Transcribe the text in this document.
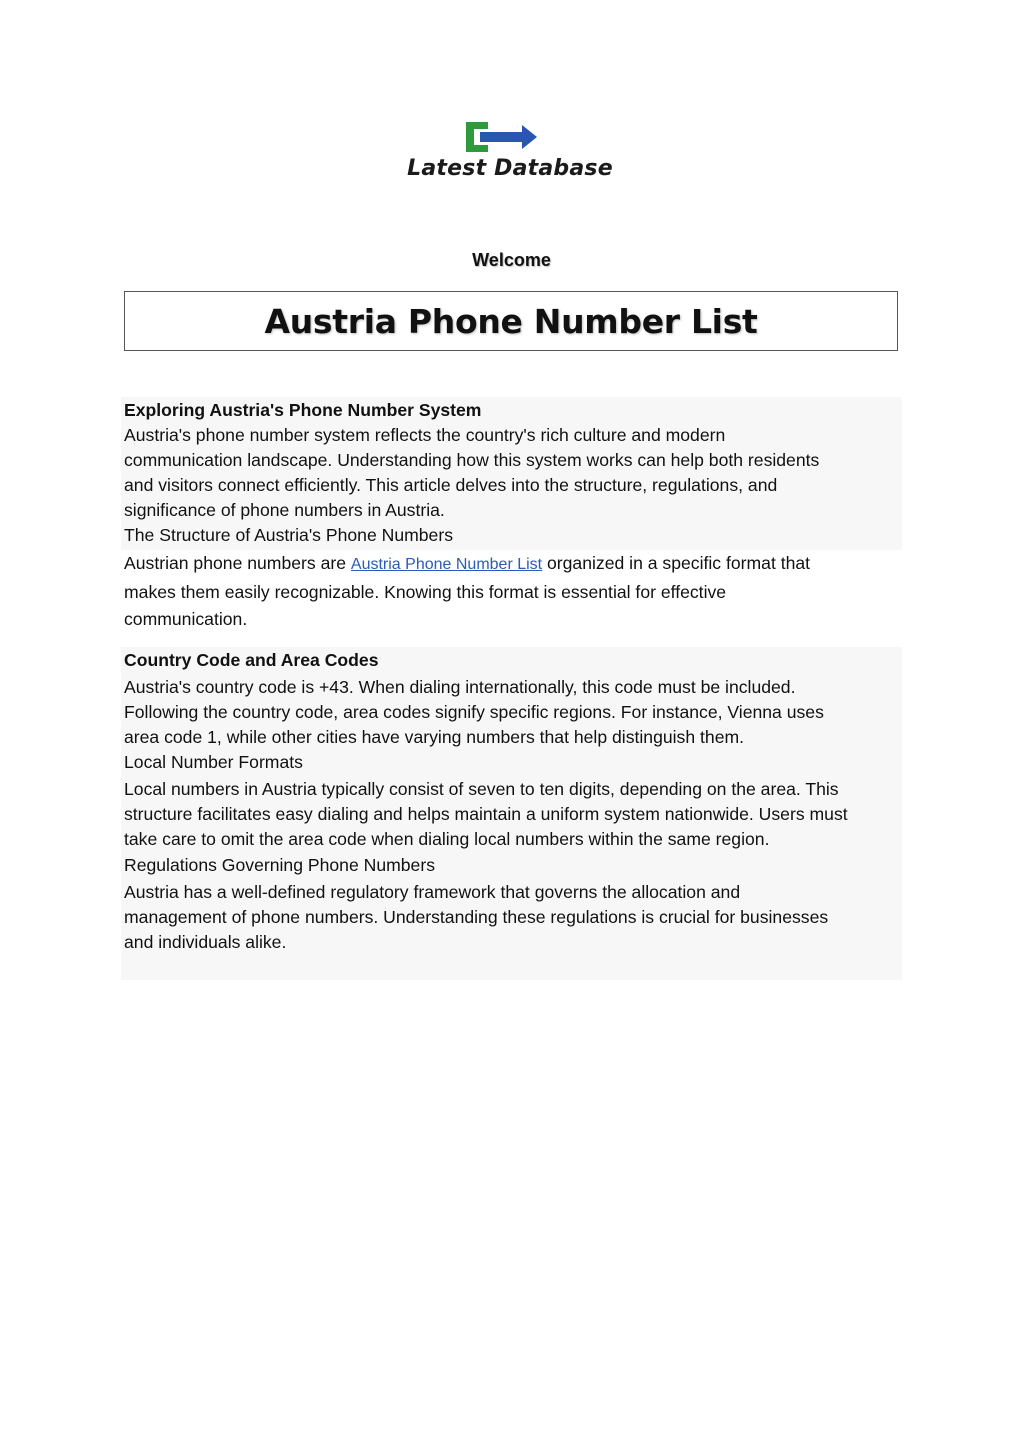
Latest Database
Welcome
Austria Phone Number List
Exploring Austria's Phone Number System
Austria's phone number system reflects the country's rich culture and modern
communication landscape. Understanding how this system works can help both residents
and visitors connect efficiently. This article delves into the structure, regulations, and
significance of phone numbers in Austria.
The Structure of Austria's Phone Numbers
Austrian phone numbers are Austria Phone Number List organized in a specific format that
makes them easily recognizable. Knowing this format is essential for effective
communication.
Country Code and Area Codes
Austria's country code is +43. When dialing internationally, this code must be included.
Following the country code, area codes signify specific regions. For instance, Vienna uses
area code 1, while other cities have varying numbers that help distinguish them.
Local Number Formats
Local numbers in Austria typically consist of seven to ten digits, depending on the area. This
structure facilitates easy dialing and helps maintain a uniform system nationwide. Users must
take care to omit the area code when dialing local numbers within the same region.
Regulations Governing Phone Numbers
Austria has a well-defined regulatory framework that governs the allocation and
management of phone numbers. Understanding these regulations is crucial for businesses
and individuals alike.
